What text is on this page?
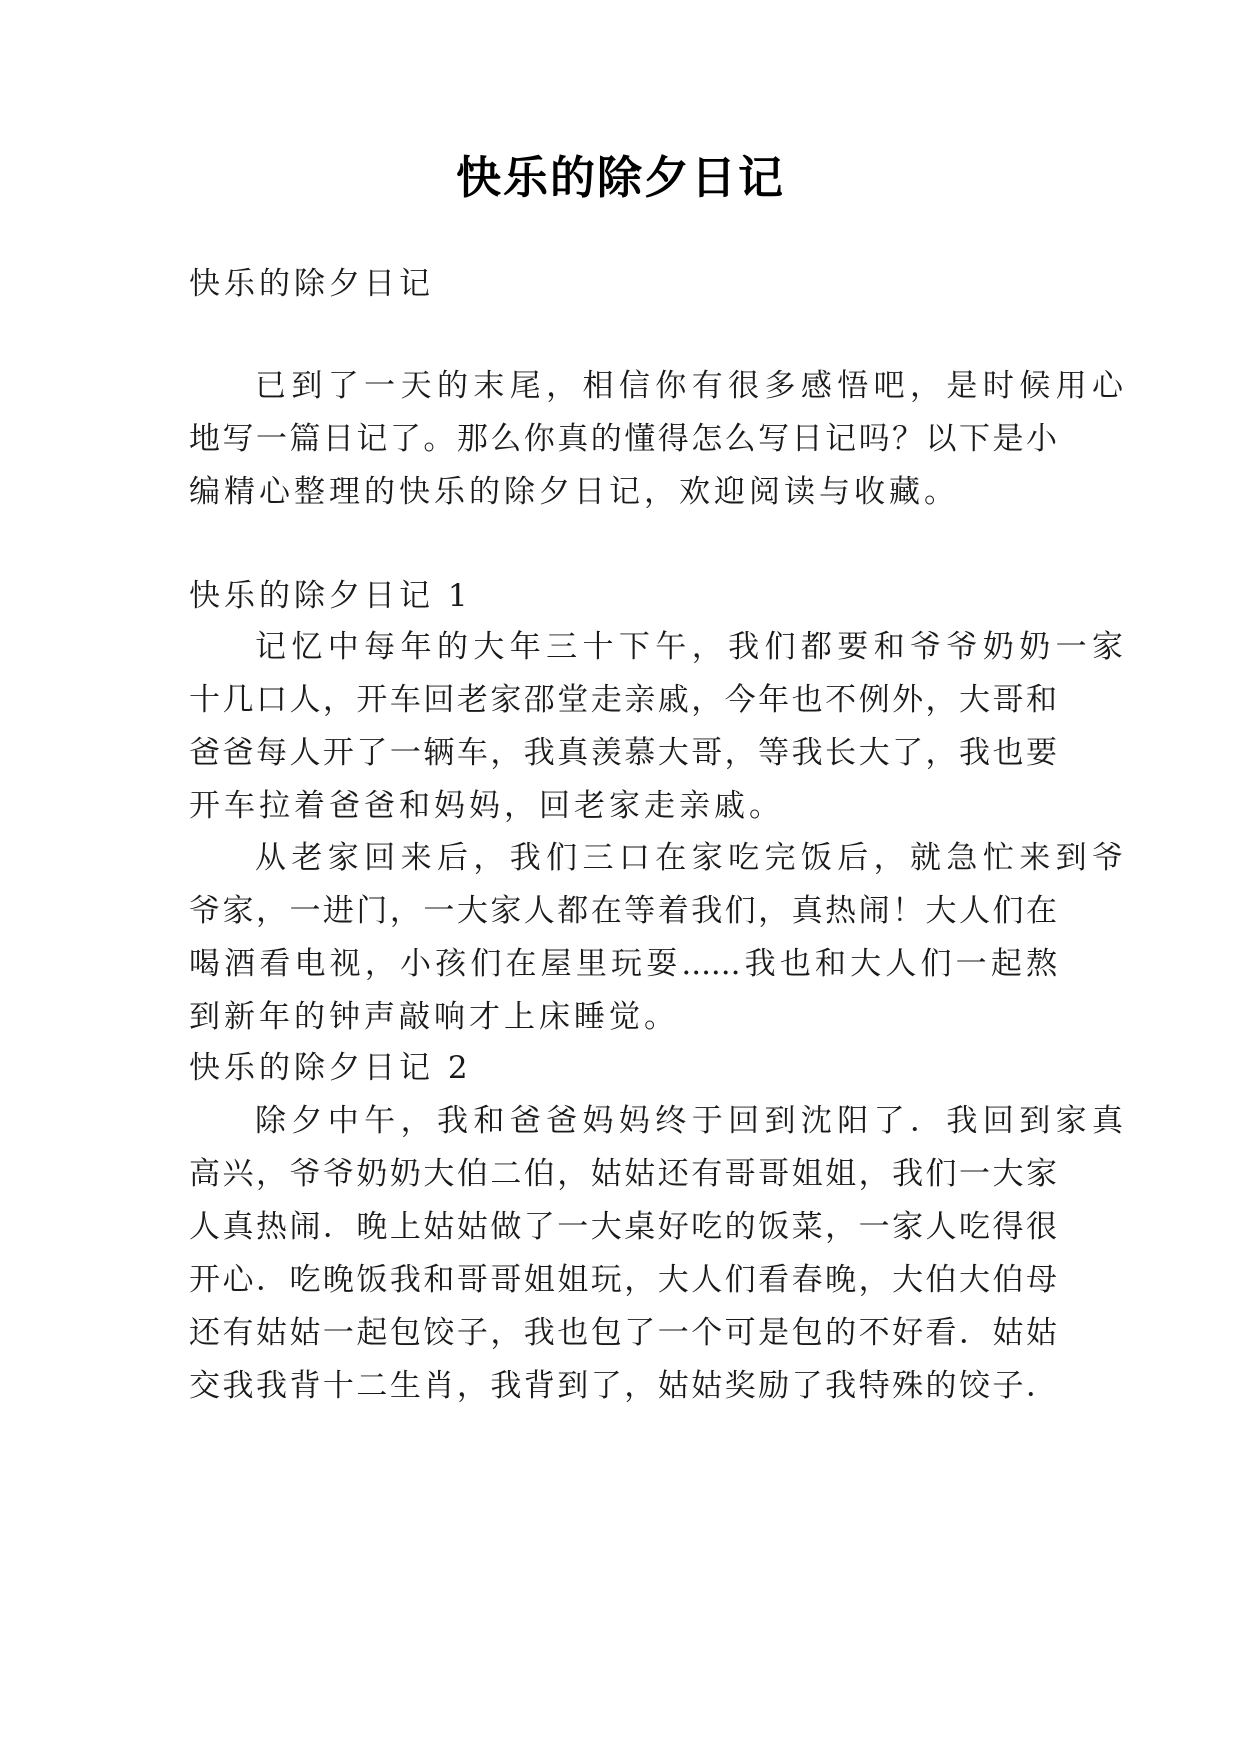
快乐的除夕日记
快乐的除夕日记
已到了一天的末尾，相信你有很多感悟吧，是时候用心
地写一篇日记了。那么你真的懂得怎么写日记吗？以下是小
编精心整理的快乐的除夕日记，欢迎阅读与收藏。
快乐的除夕日记 1
记忆中每年的大年三十下午，我们都要和爷爷奶奶一家
十几口人，开车回老家邵堂走亲戚，今年也不例外，大哥和
爸爸每人开了一辆车，我真羡慕大哥，等我长大了，我也要
开车拉着爸爸和妈妈，回老家走亲戚。
从老家回来后，我们三口在家吃完饭后，就急忙来到爷
爷家，一进门，一大家人都在等着我们，真热闹！大人们在
喝酒看电视，小孩们在屋里玩耍......我也和大人们一起熬
到新年的钟声敲响才上床睡觉。
快乐的除夕日记 2
除夕中午，我和爸爸妈妈终于回到沈阳了．我回到家真
高兴，爷爷奶奶大伯二伯，姑姑还有哥哥姐姐，我们一大家
人真热闹．晚上姑姑做了一大桌好吃的饭菜，一家人吃得很
开心．吃晚饭我和哥哥姐姐玩，大人们看春晚，大伯大伯母
还有姑姑一起包饺子，我也包了一个可是包的不好看．姑姑
交我我背十二生肖，我背到了，姑姑奖励了我特殊的饺子．
